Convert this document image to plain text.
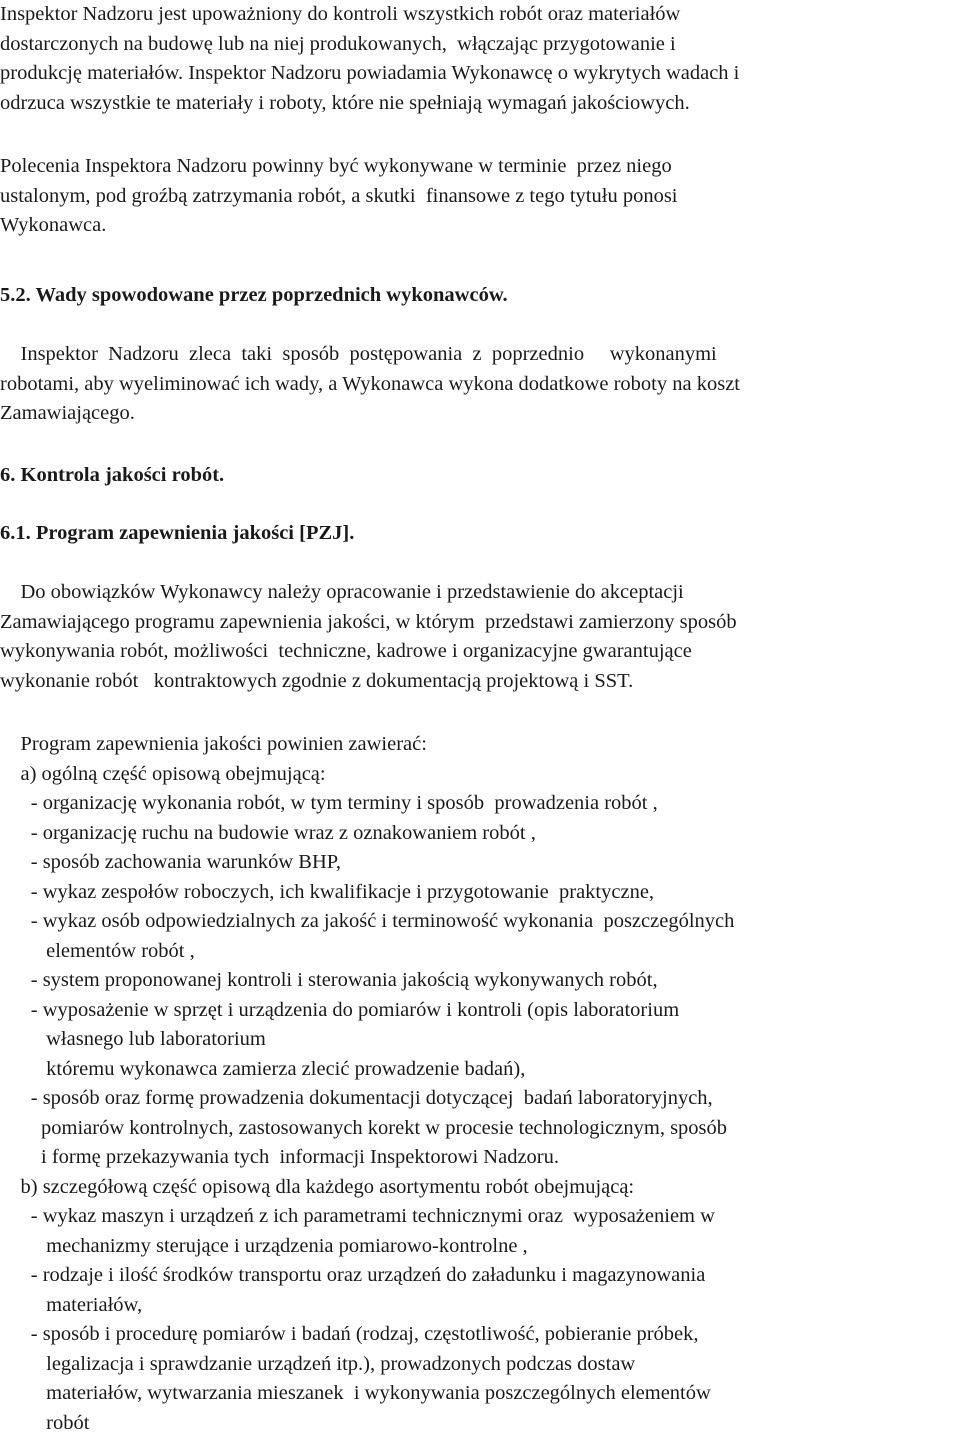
Inspektor Nadzoru jest upoważniony do kontroli wszystkich robót oraz materiałów
dostarczonych na budowę lub na niej produkowanych,  włączając przygotowanie i
produkcję materiałów. Inspektor Nadzoru powiadamia Wykonawcę o wykrytych wadach i
odrzuca wszystkie te materiały i roboty, które nie spełniają wymagań jakościowych.
Polecenia Inspektora Nadzoru powinny być wykonywane w terminie  przez niego
ustalonym, pod groźbą zatrzymania robót, a skutki  finansowe z tego tytułu ponosi
Wykonawca.
5.2. Wady spowodowane przez poprzednich wykonawców.
Inspektor  Nadzoru  zleca  taki  sposób  postępowania  z  poprzednio     wykonanymi
robotami, aby wyeliminować ich wady, a Wykonawca wykona dodatkowe roboty na koszt
Zamawiającego.
6. Kontrola jakości robót.
6.1. Program zapewnienia jakości [PZJ].
Do obowiązków Wykonawcy należy opracowanie i przedstawienie do akceptacji
Zamawiającego programu zapewnienia jakości, w którym  przedstawi zamierzony sposób
wykonywania robót, możliwości  techniczne, kadrowe i organizacyjne gwarantujące
wykonanie robót   kontraktowych zgodnie z dokumentacją projektową i SST.
Program zapewnienia jakości powinien zawierać:
a) ogólną część opisową obejmującą:
- organizację wykonania robót, w tym terminy i sposób  prowadzenia robót ,
- organizację ruchu na budowie wraz z oznakowaniem robót ,
- sposób zachowania warunków BHP,
- wykaz zespołów roboczych, ich kwalifikacje i przygotowanie  praktyczne,
- wykaz osób odpowiedzialnych za jakość i terminowość wykonania  poszczególnych
elementów robót ,
- system proponowanej kontroli i sterowania jakością wykonywanych robót,
- wyposażenie w sprzęt i urządzenia do pomiarów i kontroli (opis laboratorium
własnego lub laboratorium
któremu wykonawca zamierza zlecić prowadzenie badań),
- sposób oraz formę prowadzenia dokumentacji dotyczącej  badań laboratoryjnych,
pomiarów kontrolnych, zastosowanych korekt w procesie technologicznym, sposób
i formę przekazywania tych  informacji Inspektorowi Nadzoru.
b) szczegółową część opisową dla każdego asortymentu robót obejmującą:
- wykaz maszyn i urządzeń z ich parametrami technicznymi oraz  wyposażeniem w
mechanizmy sterujące i urządzenia pomiarowo-kontrolne ,
- rodzaje i ilość środków transportu oraz urządzeń do załadunku i magazynowania
materiałów,
- sposób i procedurę pomiarów i badań (rodzaj, częstotliwość, pobieranie próbek,
legalizacja i sprawdzanie urządzeń itp.), prowadzonych podczas dostaw
materiałów, wytwarzania mieszanek  i wykonywania poszczególnych elementów
robót
